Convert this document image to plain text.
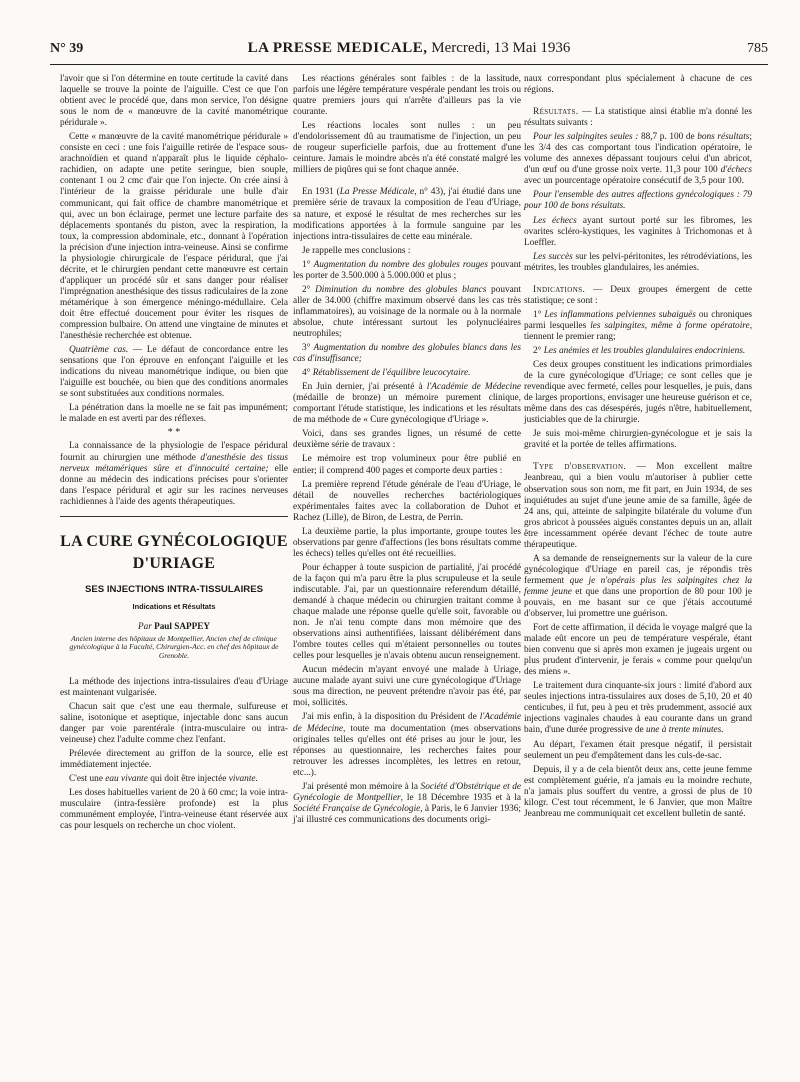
N° 39	LA PRESSE MEDICALE, Mercredi, 13 Mai 1936	785

l'avoir que si l'on détermine en toute certitude la cavité dans laquelle se trouve la pointe de l'aiguille. C'est ce que l'on obtient avec le procédé que, dans mon service, l'on désigne sous le nom de « manœuvre de la cavité manométrique péridurale ».

Cette « manœuvre de la cavité manométrique péridurale » consiste en ceci : une fois l'aiguille retirée de l'espace sous-arachnoïdien et quand n'apparaît plus le liquide céphalo-rachidien, on adapte une petite seringue, bien souple, contenant 1 ou 2 cmc d'air que l'on injecte. On crée ainsi à l'intérieur de la graisse péridurale une bulle d'air communicant, qui fait office de chambre manométrique et qui, avec un bon éclairage, permet une lecture parfaite des déplacements spontanés du piston, avec la respiration, la toux, la compression abdominale, etc., donnant à l'opération la précision d'une injection intra-veineuse. Ainsi se confirme la physiologie chirurgicale de l'espace péridural, que j'ai décrite, et le chirurgien pendant cette manœuvre est certain d'appliquer un procédé sûr et sans danger pour réaliser l'imprégnation anesthésique des tissus radiculaires de la zone métamérique à son émergence méningo-médullaire. Cela doit être effectué doucement pour éviter les risques de compression bulbaire. On attend une vingtaine de minutes et l'anesthésie recherchée est obtenue.

Quatrième cas. — Le défaut de concordance entre les sensations que l'on éprouve en enfonçant l'aiguille et les indications du niveau manométrique indique, ou bien que l'aiguille est bouchée, ou bien que des conditions anormales se sont substituées aux conditions normales.

La pénétration dans la moelle ne se fait pas impunément; le malade en est averti par des réflexes.

* *

La connaissance de la physiologie de l'espace péridural fournit au chirurgien une méthode d'anesthésie des tissus nerveux métamériques sûre et d'innocuité certaine; elle donne au médecin des indications précises pour s'orienter dans l'espace péridural et agir sur les racines nerveuses rachidiennes à l'aide des agents thérapeutiques.

LA CURE GYNÉCOLOGIQUE
D'URIAGE
SES INJECTIONS INTRA-TISSULAIRES
Indications et Résultats
Par Paul SAPPEY
Ancien interne des hôpitaux de Montpellier, Ancien chef de clinique gynécologique à la Faculté, Chirurgien-Acc. en chef des hôpitaux de Grenoble.

La méthode des injections intra-tissulaires d'eau d'Uriage est maintenant vulgarisée.

Chacun sait que c'est une eau thermale, sulfureuse et saline, isotonique et aseptique, injectable donc sans aucun danger par voie parentérale (intra-musculaire ou intra-veineuse) chez l'adulte comme chez l'enfant.

Prélevée directement au griffon de la source, elle est immédiatement injectée.

C'est une eau vivante qui doit être injectée vivante.

Les doses habituelles varient de 20 à 60 cmc; la voie intra-musculaire (intra-fessière profonde) est la plus communément employée, l'intra-veineuse étant réservée aux cas pour lesquels on recherche un choc violent.

Les réactions générales sont faibles : de la lassitude, parfois une légère température vespérale pendant les trois ou quatre premiers jours qui n'arrête d'ailleurs pas la vie courante.

Les réactions locales sont nulles : un peu d'endolorissement dû au traumatisme de l'injection, un peu de rougeur superficielle parfois, due au frottement d'une ceinture. Jamais le moindre abcès n'a été constaté malgré les milliers de piqûres qui se font chaque année.

En 1931 (La Presse Médicale, n° 43), j'ai étudié dans une première série de travaux la composition de l'eau d'Uriage, sa nature, et exposé le résultat de mes recherches sur les modifications apportées à la formule sanguine par les injections intra-tissulaires de cette eau minérale.

Je rappelle mes conclusions :

1° Augmentation du nombre des globules rouges pouvant les porter de 3.500.000 à 5.000.000 et plus ;

2° Diminution du nombre des globules blancs pouvant aller de 34.000 (chiffre maximum observé dans les cas très inflammatoires), au voisinage de la normale ou à la normale absolue, chute intéressant surtout les polynucléaires neutrophiles;

3° Augmentation du nombre des globules blancs dans les cas d'insuffisance;

4° Rétablissement de l'équilibre leucocytaire.

En Juin dernier, j'ai présenté à l'Académie de Médecine (médaille de bronze) un mémoire purement clinique, comportant l'étude statistique, les indications et les résultats de ma méthode de « Cure gynécologique d'Uriage ».

Voici, dans ses grandes lignes, un résumé de cette deuxième série de travaux :

Le mémoire est trop volumineux pour être publié en entier; il comprend 400 pages et comporte deux parties :

La première reprend l'étude générale de l'eau d'Uriage, le détail de nouvelles recherches bactériologiques expérimentales faites avec la collaboration de Duhot et Rachez (Lille), de Biron, de Lestra, de Perrin.

La deuxième partie, la plus importante, groupe toutes les observations par genre d'affections (les bons résultats comme les échecs) telles qu'elles ont été recueillies.

Pour échapper à toute suspicion de partialité, j'ai procédé de la façon qui m'a paru être la plus scrupuleuse et la seule indiscutable. J'ai, par un questionnaire referendum détaillé, demandé à chaque médecin ou chirurgien traitant comme à chaque malade une réponse quelle qu'elle soit, favorable ou non. Je n'ai tenu compte dans mon mémoire que des observations ainsi authentifiées, laissant délibérément dans l'ombre toutes celles qui m'étaient personnelles ou toutes celles pour lesquelles je n'avais obtenu aucun renseignement.

Aucun médecin m'ayant envoyé une malade à Uriage, aucune malade ayant suivi une cure gynécologique d'Uriage sous ma direction, ne peuvent prétendre n'avoir pas été, par moi, sollicités.

J'ai mis enfin, à la disposition du Président de l'Académie de Médecine, toute ma documentation (mes observations originales telles qu'elles ont été prises au jour le jour, les réponses au questionnaire, les recherches faites pour retrouver les adresses incomplètes, les lettres en retour, etc...).

J'ai présenté mon mémoire à la Société d'Obstétrique et de Gynécologie de Montpellier, le 18 Décembre 1935 et à la Société Française de Gynécologie, à Paris, le 6 Janvier 1936; j'ai illustré ces communications des documents origi-

naux correspondant plus spécialement à chacune de ces régions.

Résultats. — La statistique ainsi établie m'a donné les résultats suivants :

Pour les salpingites seules : 88,7 p. 100 de bons résultats; les 3/4 des cas comportant tous l'indication opératoire, le volume des annexes dépassant toujours celui d'un abricot, d'un œuf ou d'une grosse noix verte. 11,3 pour 100 d'échecs avec un pourcentage opératoire consécutif de 3,5 pour 100.

Pour l'ensemble des autres affections gynécologiques : 79 pour 100 de bons résultats.

Les échecs ayant surtout porté sur les fibromes, les ovarites scléro-kystiques, les vaginites à Trichomonas et à Loeffler.

Les succès sur les pelvi-péritonites, les rétrodéviations, les métrites, les troubles glandulaires, les anémies.

Indications. — Deux groupes émergent de cette statistique; ce sont :

1° Les inflammations pelviennes subaiguës ou chroniques parmi lesquelles les salpingites, même à forme opératoire, tiennent le premier rang;

2° Les anémies et les troubles glandulaires endocriniens.

Ces deux groupes constituent les indications primordiales de la cure gynécologique d'Uriage; ce sont celles que je revendique avec fermeté, celles pour lesquelles, je puis, dans de larges proportions, envisager une heureuse guérison et ce, même dans des cas désespérés, jugés n'être, habituellement, justiciables que de la chirurgie.

Je suis moi-même chirurgien-gynécologue et je sais la gravité et la portée de telles affirmations.

Type d'observation. — Mon excellent maître Jeanbreau, qui a bien voulu m'autoriser à publier cette observation sous son nom, me fit part, en Juin 1934, de ses inquiétudes au sujet d'une jeune amie de sa famille, âgée de 24 ans, qui, atteinte de salpingite bilatérale du volume d'un gros abricot à poussées aiguës constantes depuis un an, allait être incessamment opérée devant l'échec de toute autre thérapeutique.

A sa demande de renseignements sur la valeur de la cure gynécologique d'Uriage en pareil cas, je répondis très fermement que je n'opérais plus les salpingites chez la femme jeune et que dans une proportion de 80 pour 100 je pouvais, en me basant sur ce que j'étais accoutumé d'observer, lui promettre une guérison.

Fort de cette affirmation, il décida le voyage malgré que la malade eût encore un peu de température vespérale, étant bien convenu que si après mon examen je jugeais urgent ou plus prudent d'intervenir, je ferais « comme pour quelqu'un des miens ».

Le traitement dura cinquante-six jours : limité d'abord aux seules injections intra-tissulaires aux doses de 5,10, 20 et 40 centicubes, il fut, peu à peu et très prudemment, associé aux injections vaginales chaudes à eau courante dans un grand bain, d'une durée progressive de une à trente minutes.

Au départ, l'examen était presque négatif, il persistait seulement un peu d'empâtement dans les culs-de-sac.

Depuis, il y a de cela bientôt deux ans, cette jeune femme est complètement guérie, n'a jamais eu la moindre rechute, n'a jamais plus souffert du ventre, a grossi de plus de 10 kilogr. C'est tout récemment, le 6 Janvier, que mon Maître Jeanbreau me communiquait cet excellent bulletin de santé.
